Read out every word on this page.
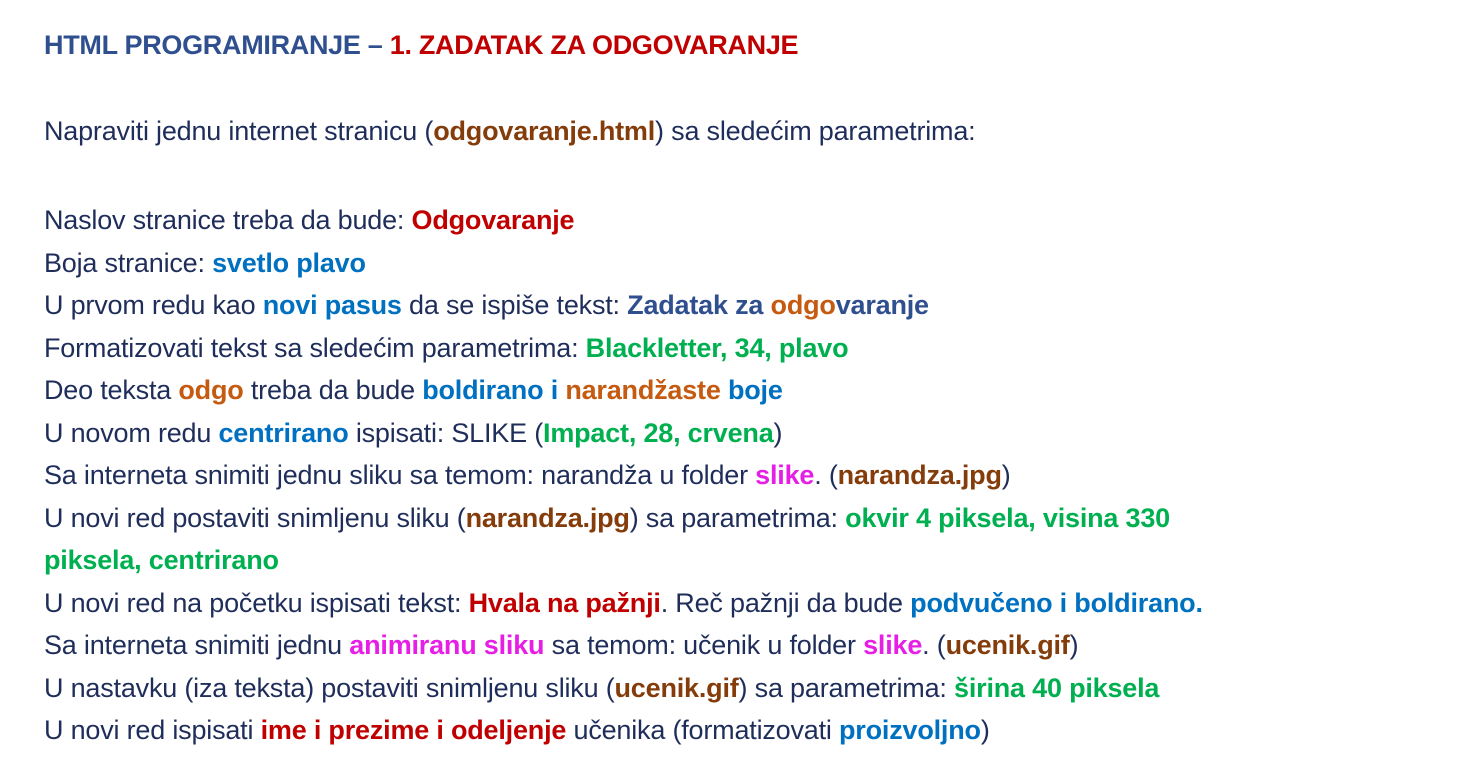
HTML PROGRAMIRANJE – 1. ZADATAK ZA ODGOVARANJE
Napraviti jednu internet stranicu (odgovaranje.html) sa sledećim parametrima:
Naslov stranice treba da bude: Odgovaranje
Boja stranice: svetlo plavo
U prvom redu kao novi pasus da se ispiše tekst: Zadatak za odgovaranje
Formatizovati tekst sa sledećim parametrima: Blackletter, 34, plavo
Deo teksta odgo treba da bude boldirano i narandžaste boje
U novom redu centrirano ispisati: SLIKE (Impact, 28, crvena)
Sa interneta snimiti jednu sliku sa temom: narandža u folder slike. (narandza.jpg)
U novi red postaviti snimljenu sliku (narandza.jpg) sa parametrima: okvir 4 piksela, visina 330
piksela, centrirano
U novi red na početku ispisati tekst: Hvala na pažnji. Reč pažnji da bude podvučeno i boldirano.
Sa interneta snimiti jednu animiranu sliku sa temom: učenik u folder slike. (ucenik.gif)
U nastavku (iza teksta) postaviti snimljenu sliku (ucenik.gif) sa parametrima: širina 40 piksela
U novi red ispisati ime i prezime i odeljenje učenika (formatizovati proizvoljno)
